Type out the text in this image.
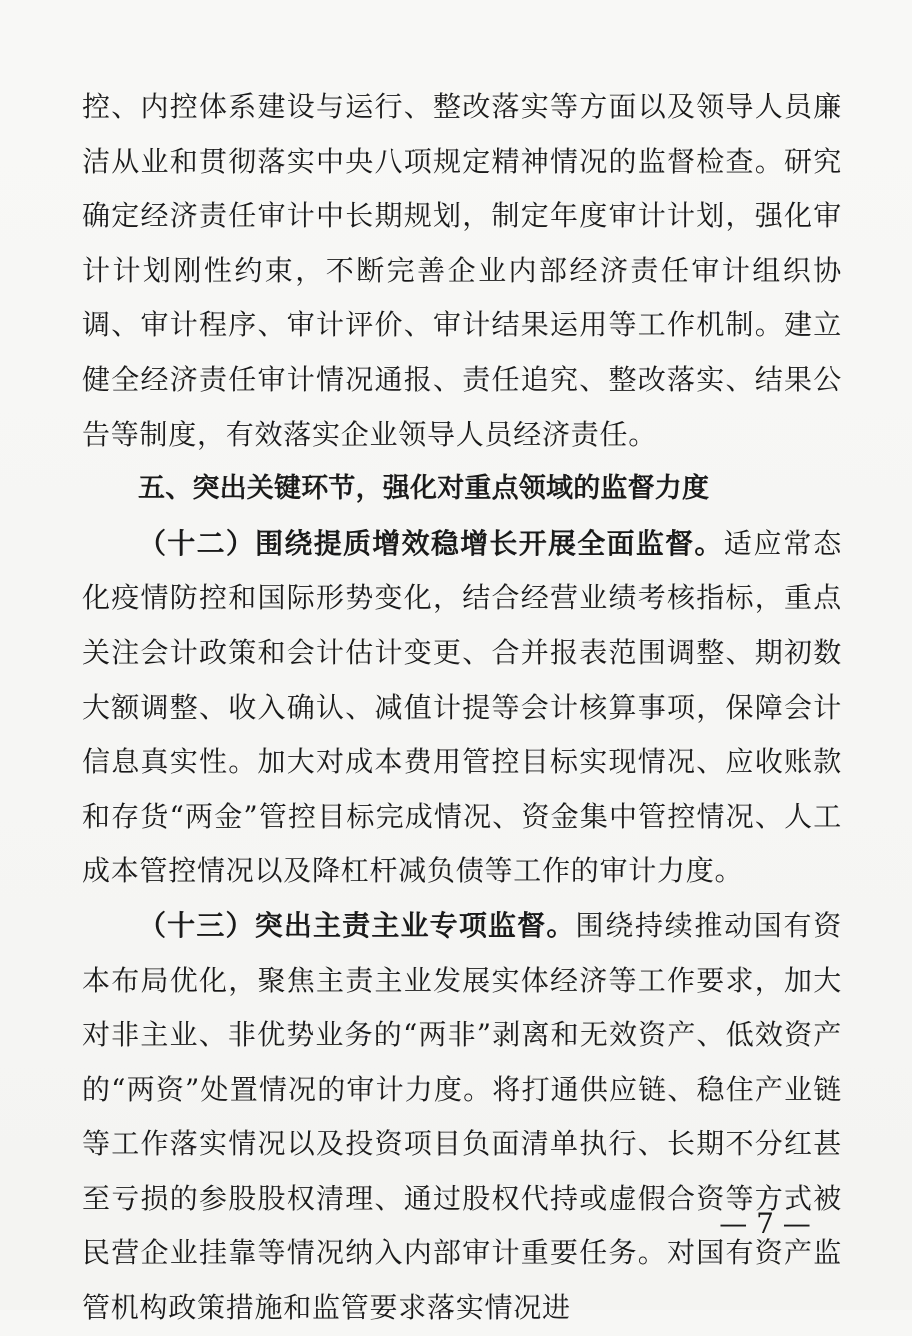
控、内控体系建设与运行、整改落实等方面以及领导人员廉洁从业和贯彻落实中央八项规定精神情况的监督检查。研究确定经济责任审计中长期规划，制定年度审计计划，强化审计计划刚性约束，不断完善企业内部经济责任审计组织协调、审计程序、审计评价、审计结果运用等工作机制。建立健全经济责任审计情况通报、责任追究、整改落实、结果公告等制度，有效落实企业领导人员经济责任。

五、突出关键环节，强化对重点领域的监督力度

（十二）围绕提质增效稳增长开展全面监督。适应常态化疫情防控和国际形势变化，结合经营业绩考核指标，重点关注会计政策和会计估计变更、合并报表范围调整、期初数大额调整、收入确认、减值计提等会计核算事项，保障会计信息真实性。加大对成本费用管控目标实现情况、应收账款和存货“两金”管控目标完成情况、资金集中管控情况、人工成本管控情况以及降杠杆减负债等工作的审计力度。

（十三）突出主责主业专项监督。围绕持续推动国有资本布局优化，聚焦主责主业发展实体经济等工作要求，加大对非主业、非优势业务的“两非”剥离和无效资产、低效资产的“两资”处置情况的审计力度。将打通供应链、稳住产业链等工作落实情况以及投资项目负面清单执行、长期不分红甚至亏损的参股股权清理、通过股权代持或虚假合资等方式被民营企业挂靠等情况纳入内部审计重要任务。对国有资产监管机构政策措施和监管要求落实情况进

— 7 —
